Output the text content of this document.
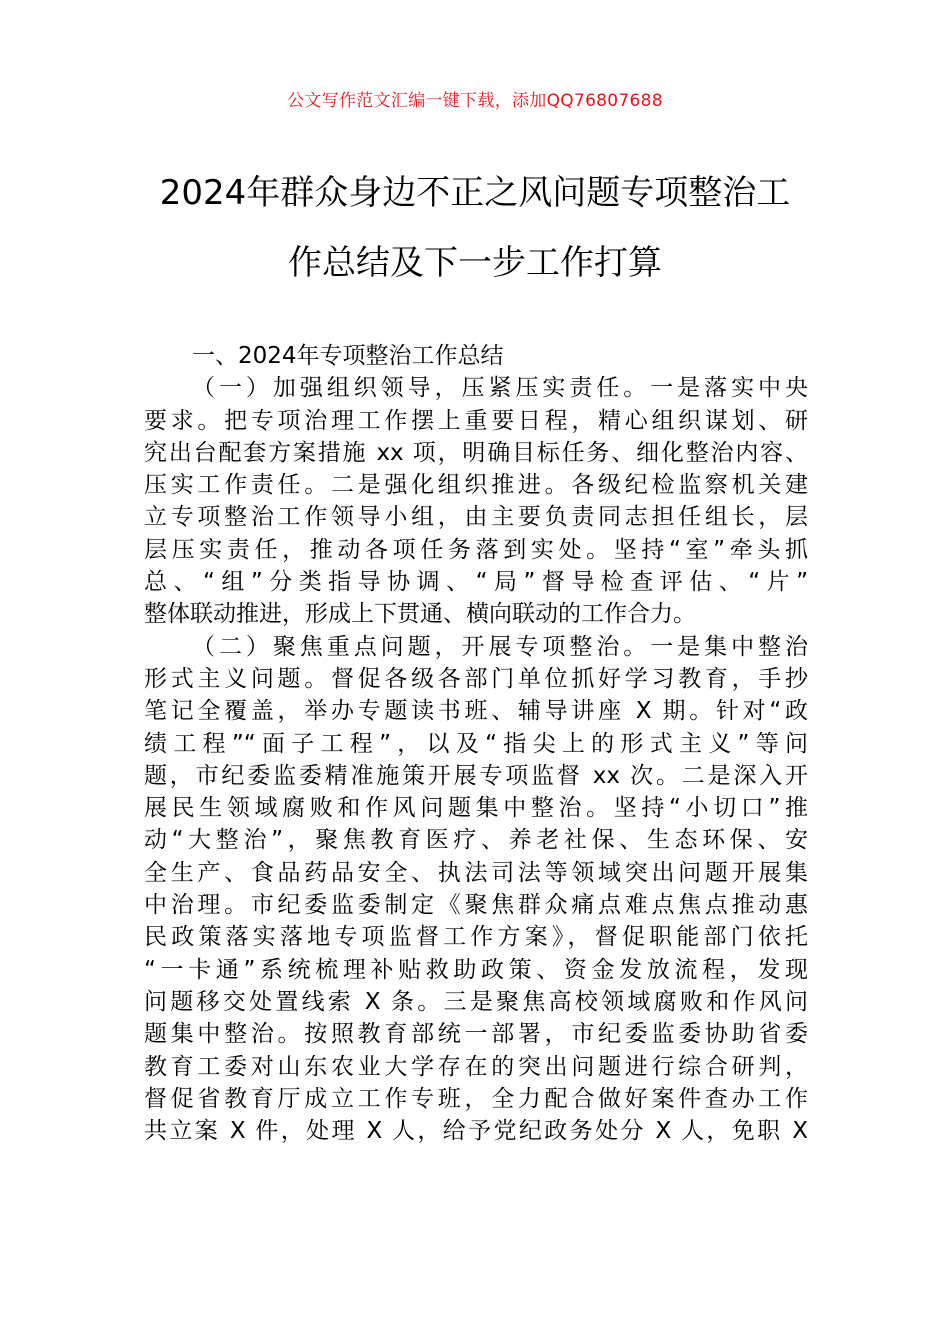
公文写作范文汇编一键下载，添加QQ76807688
2024年群众身边不正之风问题专项整治工
作总结及下一步工作打算
一、2024年专项整治工作总结
（一）加强组织领导，压紧压实责任。一是落实中央
要求。把专项治理工作摆上重要日程，精心组织谋划、研
究出台配套方案措施 xx 项，明确目标任务、细化整治内容、
压实工作责任。二是强化组织推进。各级纪检监察机关建
立专项整治工作领导小组，由主要负责同志担任组长，层
层压实责任，推动各项任务落到实处。坚持“室”牵头抓
总、“组”分类指导协调、“局”督导检查评估、“片”
整体联动推进，形成上下贯通、横向联动的工作合力。
（二）聚焦重点问题，开展专项整治。一是集中整治
形式主义问题。督促各级各部门单位抓好学习教育，手抄
笔记全覆盖，举办专题读书班、辅导讲座 X 期。针对“政
绩工程”“面子工程”，以及“指尖上的形式主义”等问
题，市纪委监委精准施策开展专项监督 xx 次。二是深入开
展民生领域腐败和作风问题集中整治。坚持“小切口”推
动“大整治”，聚焦教育医疗、养老社保、生态环保、安
全生产、食品药品安全、执法司法等领域突出问题开展集
中治理。市纪委监委制定《聚焦群众痛点难点焦点推动惠
民政策落实落地专项监督工作方案》，督促职能部门依托
“一卡通”系统梳理补贴救助政策、资金发放流程，发现
问题移交处置线索 X 条。三是聚焦高校领域腐败和作风问
题集中整治。按照教育部统一部署，市纪委监委协助省委
教育工委对山东农业大学存在的突出问题进行综合研判，
督促省教育厅成立工作专班，全力配合做好案件查办工作
共立案 X 件，处理 X 人，给予党纪政务处分 X 人，免职 X
